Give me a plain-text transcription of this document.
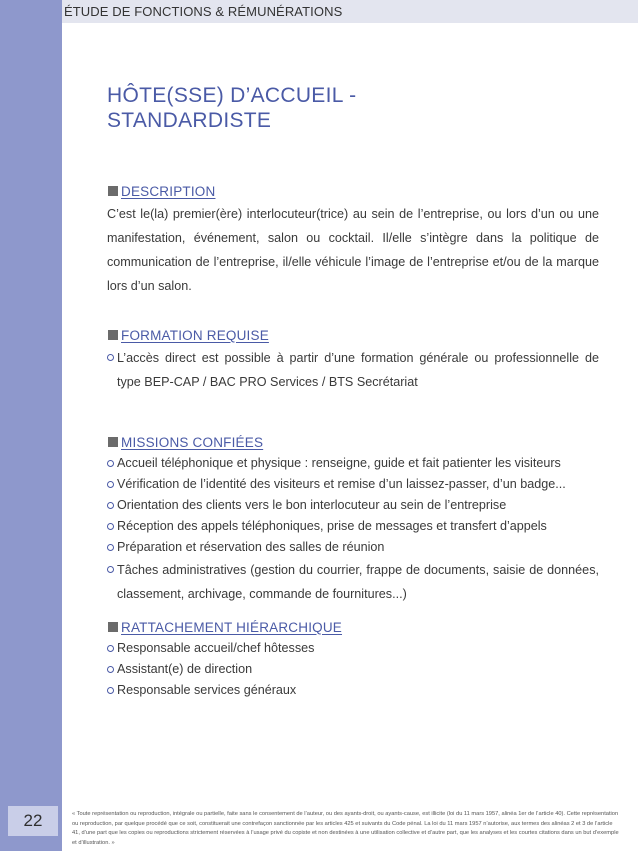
22
ÉTUDE DE FONCTIONS & RÉMUNÉRATIONS
HÔTE(SSE) D’ACCUEIL -
STANDARDISTE
DESCRIPTION

C’est le(la) premier(ère) interlocuteur(trice) au sein de l’entreprise, ou lors d’un ou une manifestation, événement, salon ou cocktail. Il/elle s’intègre dans la politique de communication de l’entreprise, il/elle véhicule l’image de l’entreprise et/ou de la marque lors d’un salon.

FORMATION REQUISE
L’accès direct est possible à partir d’une formation générale ou professionnelle de type BEP-CAP / BAC PRO Services / BTS Secrétariat
MISSIONS CONFIÉES
Accueil téléphonique et physique : renseigne, guide et fait patienter les visiteurs
Vérification de l’identité des visiteurs et remise d’un laissez-passer, d’un badge...
Orientation des clients vers le bon interlocuteur au sein de l’entreprise
Réception des appels téléphoniques, prise de messages et transfert d’appels
Préparation et réservation des salles de réunion
Tâches administratives (gestion du courrier, frappe de documents, saisie de données, classement, archivage, commande de fournitures...)
RATTACHEMENT HIÉRARCHIQUE
Responsable accueil/chef hôtesses
Assistant(e) de direction
Responsable services généraux
« Toute représentation ou reproduction, intégrale ou partielle, faite sans le consentement de l’auteur, ou des ayants-droit, ou ayants-cause, est illicite (loi du 11 mars 1957, alinéa 1er de l’article 40). Cette représentation ou reproduction, par quelque procédé que ce soit, constituerait une contrefaçon sanctionnée par les articles 425 et suivants du Code pénal. La loi du 11 mars 1957 n’autorise, aux termes des alinéas 2 et 3 de l’article 41, d’une part que les copies ou reproductions strictement réservées à l’usage privé du copiste et non destinées à une utilisation collective et d’autre part, que les analyses et les courtes citations dans un but d’exemple et d’illustration. »
